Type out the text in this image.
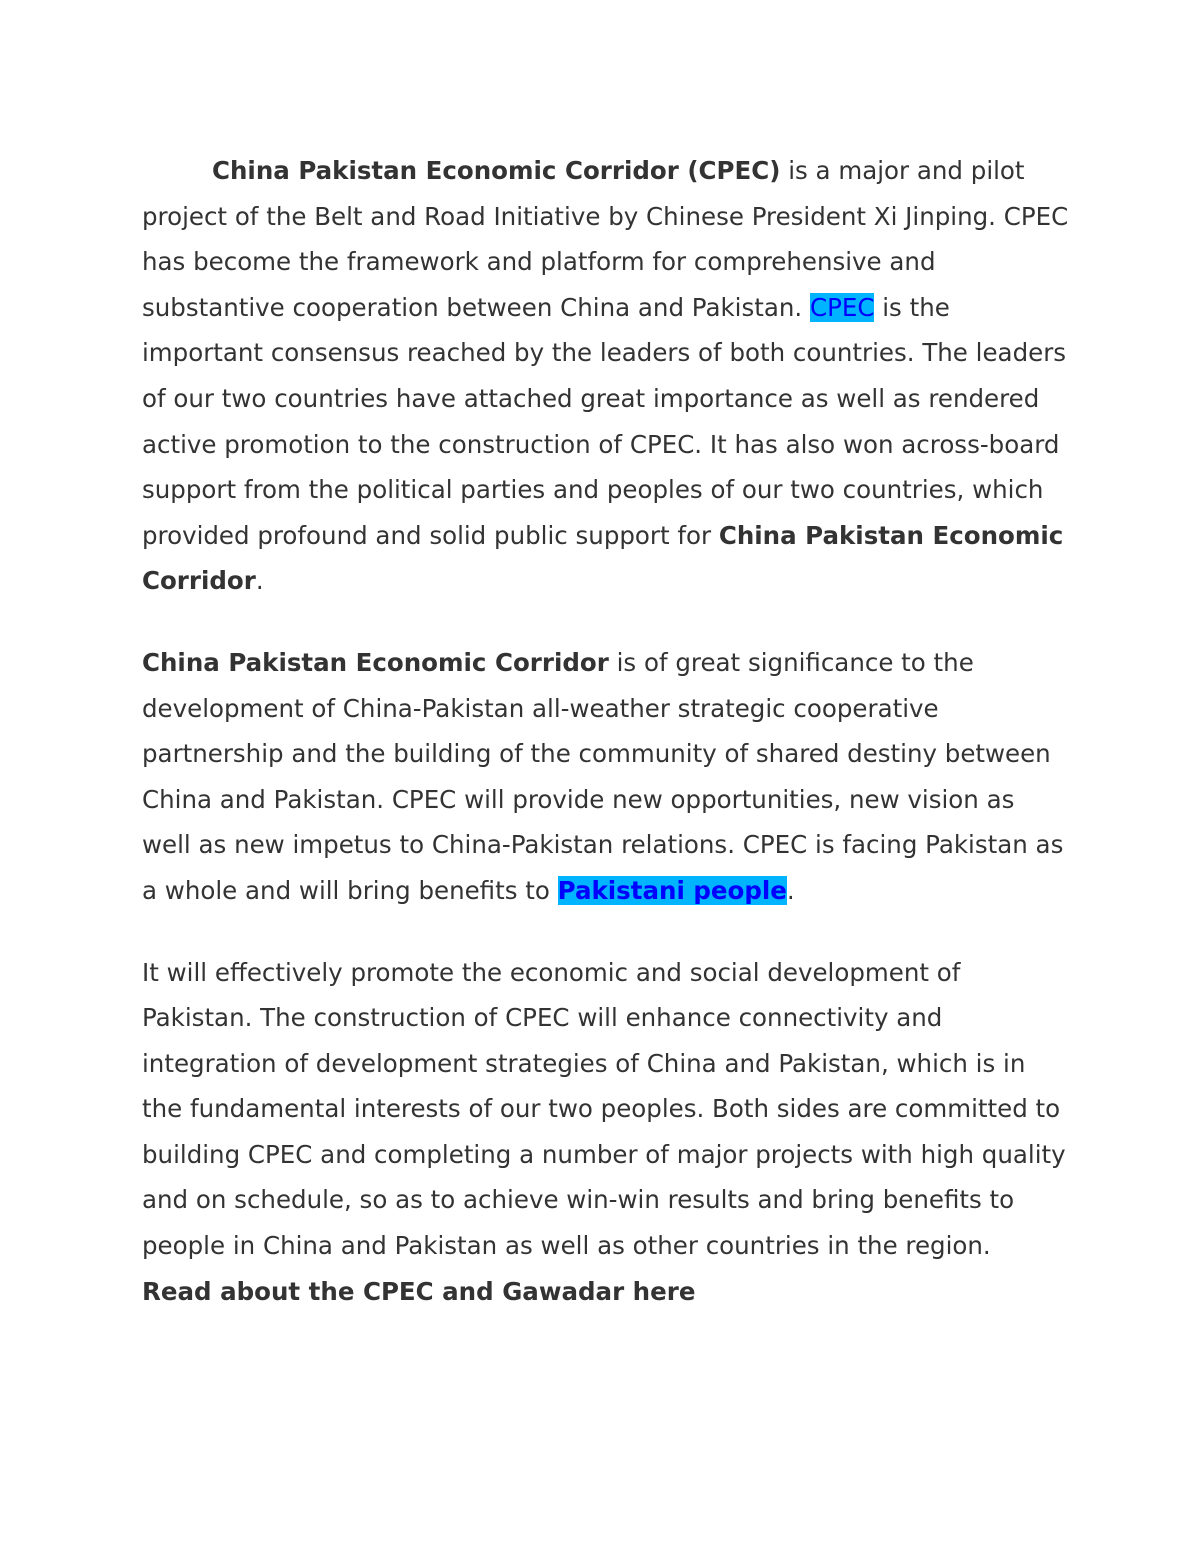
China Pakistan Economic Corridor (CPEC) is a major and pilot project of the Belt and Road Initiative by Chinese President Xi Jinping. CPEC has become the framework and platform for comprehensive and substantive cooperation between China and Pakistan. CPEC is the important consensus reached by the leaders of both countries. The leaders of our two countries have attached great importance as well as rendered active promotion to the construction of CPEC. It has also won across-board support from the political parties and peoples of our two countries, which provided profound and solid public support for China Pakistan Economic Corridor.

China Pakistan Economic Corridor is of great significance to the development of China-Pakistan all-weather strategic cooperative partnership and the building of the community of shared destiny between China and Pakistan. CPEC will provide new opportunities, new vision as well as new impetus to China-Pakistan relations. CPEC is facing Pakistan as a whole and will bring benefits to Pakistani people.

It will effectively promote the economic and social development of Pakistan. The construction of CPEC will enhance connectivity and integration of development strategies of China and Pakistan, which is in the fundamental interests of our two peoples. Both sides are committed to building CPEC and completing a number of major projects with high quality and on schedule, so as to achieve win-win results and bring benefits to people in China and Pakistan as well as other countries in the region.

Read about the CPEC and Gawadar here
